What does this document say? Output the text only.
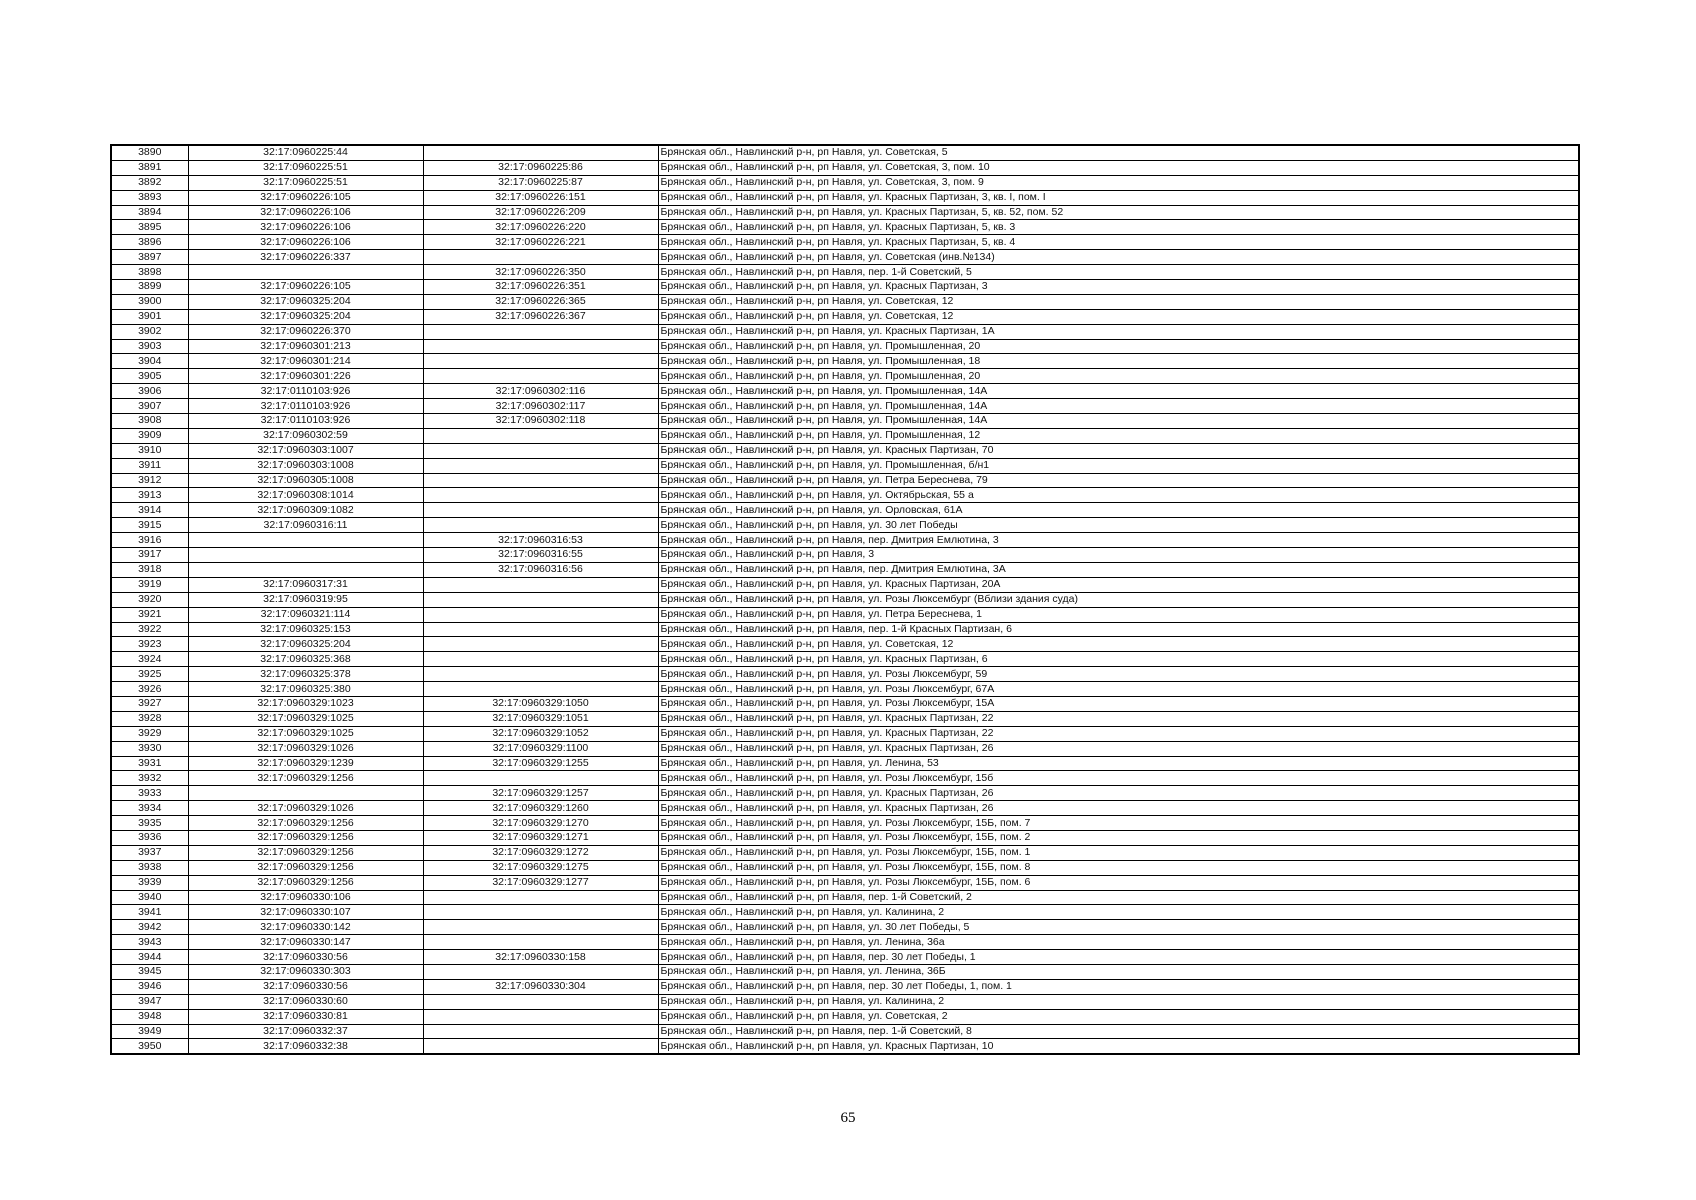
3890	32:17:0960225:44		Брянская обл., Навлинский р-н, рп Навля, ул. Советская, 5
3891	32:17:0960225:51	32:17:0960225:86	Брянская обл., Навлинский р-н, рп Навля, ул. Советская, 3, пом. 10
3892	32:17:0960225:51	32:17:0960225:87	Брянская обл., Навлинский р-н, рп Навля, ул. Советская, 3, пом. 9
3893	32:17:0960226:105	32:17:0960226:151	Брянская обл., Навлинский р-н, рп Навля, ул. Красных Партизан, 3, кв. I, пом. I
3894	32:17:0960226:106	32:17:0960226:209	Брянская обл., Навлинский р-н, рп Навля, ул. Красных Партизан, 5, кв. 52, пом. 52
3895	32:17:0960226:106	32:17:0960226:220	Брянская обл., Навлинский р-н, рп Навля, ул. Красных Партизан, 5, кв. 3
3896	32:17:0960226:106	32:17:0960226:221	Брянская обл., Навлинский р-н, рп Навля, ул. Красных Партизан, 5, кв. 4
3897	32:17:0960226:337		Брянская обл., Навлинский р-н, рп Навля, ул. Советская (инв.№134)
3898		32:17:0960226:350	Брянская обл., Навлинский р-н, рп Навля, пер. 1-й Советский, 5
3899	32:17:0960226:105	32:17:0960226:351	Брянская обл., Навлинский р-н, рп Навля, ул. Красных Партизан, 3
3900	32:17:0960325:204	32:17:0960226:365	Брянская обл., Навлинский р-н, рп Навля, ул. Советская, 12
3901	32:17:0960325:204	32:17:0960226:367	Брянская обл., Навлинский р-н, рп Навля, ул. Советская, 12
3902	32:17:0960226:370		Брянская обл., Навлинский р-н, рп Навля, ул. Красных Партизан, 1А
3903	32:17:0960301:213		Брянская обл., Навлинский р-н, рп Навля, ул. Промышленная, 20
3904	32:17:0960301:214		Брянская обл., Навлинский р-н, рп Навля, ул. Промышленная, 18
3905	32:17:0960301:226		Брянская обл., Навлинский р-н, рп Навля, ул. Промышленная, 20
3906	32:17:0110103:926	32:17:0960302:116	Брянская обл., Навлинский р-н, рп Навля, ул. Промышленная, 14А
3907	32:17:0110103:926	32:17:0960302:117	Брянская обл., Навлинский р-н, рп Навля, ул. Промышленная, 14А
3908	32:17:0110103:926	32:17:0960302:118	Брянская обл., Навлинский р-н, рп Навля, ул. Промышленная, 14А
3909	32:17:0960302:59		Брянская обл., Навлинский р-н, рп Навля, ул. Промышленная, 12
3910	32:17:0960303:1007		Брянская обл., Навлинский р-н, рп Навля, ул. Красных Партизан, 70
3911	32:17:0960303:1008		Брянская обл., Навлинский р-н, рп Навля, ул. Промышленная, б/н1
3912	32:17:0960305:1008		Брянская обл., Навлинский р-н, рп Навля, ул. Петра Береснева, 79
3913	32:17:0960308:1014		Брянская обл., Навлинский р-н, рп Навля, ул. Октябрьская, 55 а
3914	32:17:0960309:1082		Брянская обл., Навлинский р-н, рп Навля, ул. Орловская, 61А
3915	32:17:0960316:11		Брянская обл., Навлинский р-н, рп Навля, ул. 30 лет Победы
3916		32:17:0960316:53	Брянская обл., Навлинский р-н, рп Навля, пер. Дмитрия Емлютина, 3
3917		32:17:0960316:55	Брянская обл., Навлинский р-н, рп Навля, 3
3918		32:17:0960316:56	Брянская обл., Навлинский р-н, рп Навля, пер. Дмитрия Емлютина, 3А
3919	32:17:0960317:31		Брянская обл., Навлинский р-н, рп Навля, ул. Красных Партизан, 20А
3920	32:17:0960319:95		Брянская обл., Навлинский р-н, рп Навля, ул. Розы Люксембург (Вблизи здания суда)
3921	32:17:0960321:114		Брянская обл., Навлинский р-н, рп Навля, ул. Петра Береснева, 1
3922	32:17:0960325:153		Брянская обл., Навлинский р-н, рп Навля, пер. 1-й Красных Партизан, 6
3923	32:17:0960325:204		Брянская обл., Навлинский р-н, рп Навля, ул. Советская, 12
3924	32:17:0960325:368		Брянская обл., Навлинский р-н, рп Навля, ул. Красных Партизан, 6
3925	32:17:0960325:378		Брянская обл., Навлинский р-н, рп Навля, ул. Розы Люксембург, 59
3926	32:17:0960325:380		Брянская обл., Навлинский р-н, рп Навля, ул. Розы Люксембург, 67А
3927	32:17:0960329:1023	32:17:0960329:1050	Брянская обл., Навлинский р-н, рп Навля, ул. Розы Люксембург, 15А
3928	32:17:0960329:1025	32:17:0960329:1051	Брянская обл., Навлинский р-н, рп Навля, ул. Красных Партизан, 22
3929	32:17:0960329:1025	32:17:0960329:1052	Брянская обл., Навлинский р-н, рп Навля, ул. Красных Партизан, 22
3930	32:17:0960329:1026	32:17:0960329:1100	Брянская обл., Навлинский р-н, рп Навля, ул. Красных Партизан, 26
3931	32:17:0960329:1239	32:17:0960329:1255	Брянская обл., Навлинский р-н, рп Навля, ул. Ленина, 53
3932	32:17:0960329:1256		Брянская обл., Навлинский р-н, рп Навля, ул. Розы Люксембург, 15б
3933		32:17:0960329:1257	Брянская обл., Навлинский р-н, рп Навля, ул. Красных Партизан, 26
3934	32:17:0960329:1026	32:17:0960329:1260	Брянская обл., Навлинский р-н, рп Навля, ул. Красных Партизан, 26
3935	32:17:0960329:1256	32:17:0960329:1270	Брянская обл., Навлинский р-н, рп Навля, ул. Розы Люксембург, 15Б, пом. 7
3936	32:17:0960329:1256	32:17:0960329:1271	Брянская обл., Навлинский р-н, рп Навля, ул. Розы Люксембург, 15Б, пом. 2
3937	32:17:0960329:1256	32:17:0960329:1272	Брянская обл., Навлинский р-н, рп Навля, ул. Розы Люксембург, 15Б, пом. 1
3938	32:17:0960329:1256	32:17:0960329:1275	Брянская обл., Навлинский р-н, рп Навля, ул. Розы Люксембург, 15Б, пом. 8
3939	32:17:0960329:1256	32:17:0960329:1277	Брянская обл., Навлинский р-н, рп Навля, ул. Розы Люксембург, 15Б, пом. 6
3940	32:17:0960330:106		Брянская обл., Навлинский р-н, рп Навля, пер. 1-й Советский, 2
3941	32:17:0960330:107		Брянская обл., Навлинский р-н, рп Навля, ул. Калинина, 2
3942	32:17:0960330:142		Брянская обл., Навлинский р-н, рп Навля, ул. 30 лет Победы, 5
3943	32:17:0960330:147		Брянская обл., Навлинский р-н, рп Навля, ул. Ленина, 36а
3944	32:17:0960330:56	32:17:0960330:158	Брянская обл., Навлинский р-н, рп Навля, пер. 30 лет Победы, 1
3945	32:17:0960330:303		Брянская обл., Навлинский р-н, рп Навля, ул. Ленина, 36Б
3946	32:17:0960330:56	32:17:0960330:304	Брянская обл., Навлинский р-н, рп Навля, пер. 30 лет Победы, 1, пом. 1
3947	32:17:0960330:60		Брянская обл., Навлинский р-н, рп Навля, ул. Калинина, 2
3948	32:17:0960330:81		Брянская обл., Навлинский р-н, рп Навля, ул. Советская, 2
3949	32:17:0960332:37		Брянская обл., Навлинский р-н, рп Навля, пер. 1-й Советский, 8
3950	32:17:0960332:38		Брянская обл., Навлинский р-н, рп Навля, ул. Красных Партизан, 10
65
